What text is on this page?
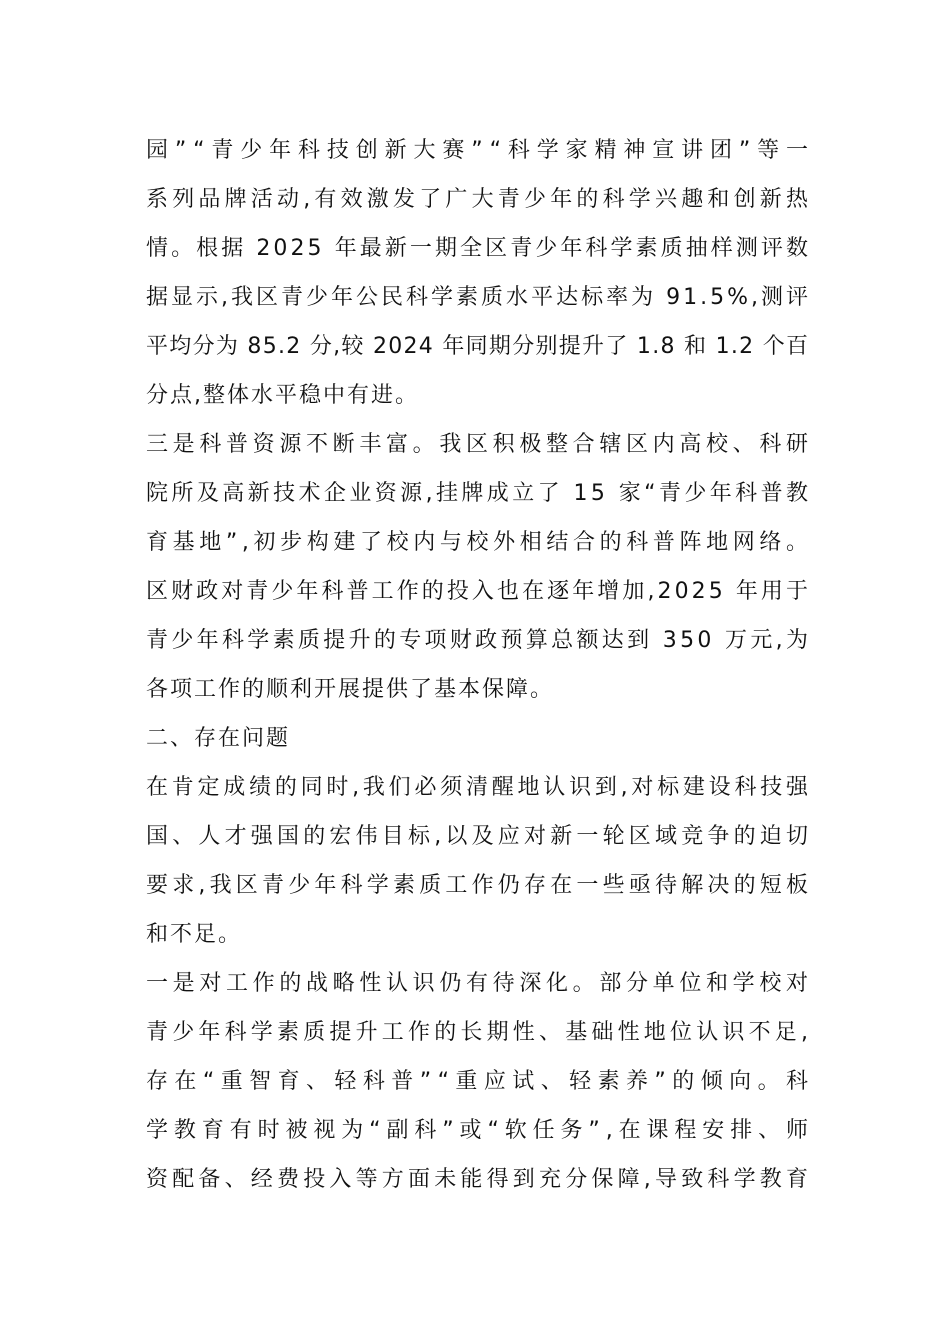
园”“青少年科技创新大赛”“科学家精神宣讲团”等一
系列品牌活动,有效激发了广大青少年的科学兴趣和创新热
情。根据 2025 年最新一期全区青少年科学素质抽样测评数
据显示,我区青少年公民科学素质水平达标率为 91.5%,测评
平均分为 85.2 分,较 2024 年同期分别提升了 1.8 和 1.2 个百
分点,整体水平稳中有进。
三是科普资源不断丰富。我区积极整合辖区内高校、科研
院所及高新技术企业资源,挂牌成立了 15 家“青少年科普教
育基地”,初步构建了校内与校外相结合的科普阵地网络。
区财政对青少年科普工作的投入也在逐年增加,2025 年用于
青少年科学素质提升的专项财政预算总额达到 350 万元,为
各项工作的顺利开展提供了基本保障。
二、存在问题
在肯定成绩的同时,我们必须清醒地认识到,对标建设科技强
国、人才强国的宏伟目标,以及应对新一轮区域竞争的迫切
要求,我区青少年科学素质工作仍存在一些亟待解决的短板
和不足。
一是对工作的战略性认识仍有待深化。部分单位和学校对
青少年科学素质提升工作的长期性、基础性地位认识不足,
存在“重智育、轻科普”“重应试、轻素养”的倾向。科
学教育有时被视为“副科”或“软任务”,在课程安排、师
资配备、经费投入等方面未能得到充分保障,导致科学教育
